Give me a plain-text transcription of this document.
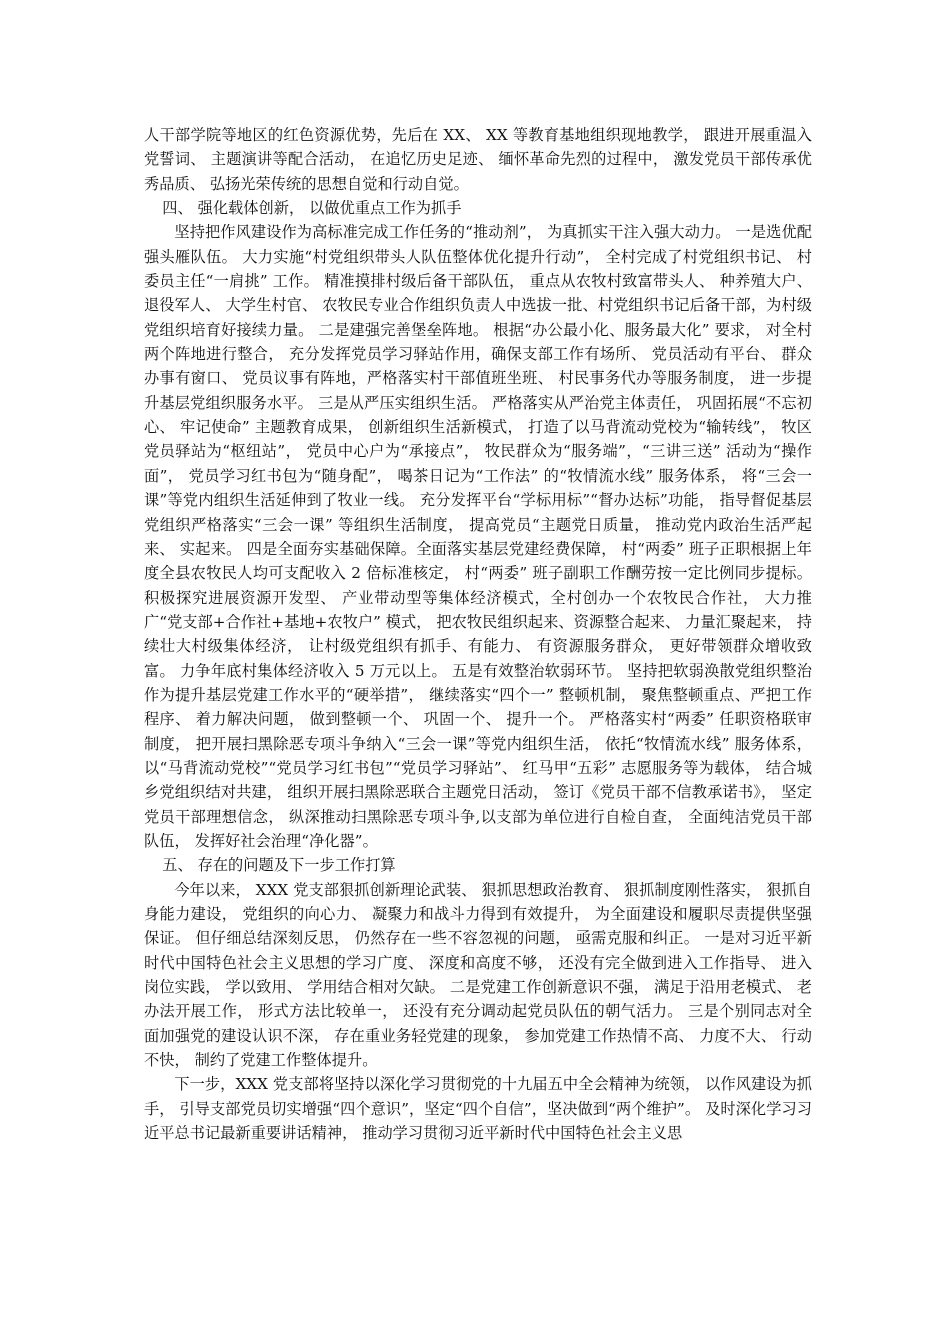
人干部学院等地区的红色资源优势，先后在 XX、 XX 等教育基地组织现地教学， 跟进开展重温入党誓词、 主题演讲等配合活动， 在追忆历史足迹、 缅怀革命先烈的过程中， 激发党员干部传承优秀品质、 弘扬光荣传统的思想自觉和行动自觉。

四、 强化载体创新， 以做优重点工作为抓手

坚持把作风建设作为高标准完成工作任务的“推动剂”， 为真抓实干注入强大动力。 一是选优配强头雁队伍。 大力实施“村党组织带头人队伍整体优化提升行动”， 全村完成了村党组织书记、 村委员主任“一肩挑” 工作。 精准摸排村级后备干部队伍， 重点从农牧村致富带头人、 种养殖大户、 退役军人、 大学生村官、 农牧民专业合作组织负责人中选拔一批、村党组织书记后备干部，为村级党组织培育好接续力量。 二是建强完善堡垒阵地。 根据“办公最小化、服务最大化” 要求， 对全村两个阵地进行整合， 充分发挥党员学习驿站作用，确保支部工作有场所、 党员活动有平台、 群众办事有窗口、 党员议事有阵地，严格落实村干部值班坐班、 村民事务代办等服务制度， 进一步提升基层党组织服务水平。 三是从严压实组织生活。 严格落实从严治党主体责任， 巩固拓展“不忘初心、 牢记使命” 主题教育成果， 创新组织生活新模式， 打造了以马背流动党校为“输转线”， 牧区党员驿站为“枢纽站”， 党员中心户为“承接点”， 牧民群众为“服务端”，“三讲三送” 活动为“操作面”， 党员学习红书包为“随身配”， 喝茶日记为“工作法” 的“牧情流水线” 服务体系， 将“三会一课”等党内组织生活延伸到了牧业一线。 充分发挥平台“学标用标”“督办达标”功能， 指导督促基层党组织严格落实“三会一课” 等组织生活制度， 提高党员“主题党日质量， 推动党内政治生活严起来、 实起来。 四是全面夯实基础保障。全面落实基层党建经费保障， 村“两委” 班子正职根据上年度全县农牧民人均可支配收入 2 倍标准核定， 村“两委” 班子副职工作酬劳按一定比例同步提标。积极探究进展资源开发型、 产业带动型等集体经济模式，全村创办一个农牧民合作社， 大力推广“党支部+合作社+基地+农牧户” 模式， 把农牧民组织起来、资源整合起来、 力量汇聚起来， 持续壮大村级集体经济， 让村级党组织有抓手、有能力、 有资源服务群众， 更好带领群众增收致富。 力争年底村集体经济收入 5 万元以上。 五是有效整治软弱环节。 坚持把软弱涣散党组织整治作为提升基层党建工作水平的“硬举措”， 继续落实“四个一” 整顿机制， 聚焦整顿重点、严把工作程序、 着力解决问题， 做到整顿一个、 巩固一个、 提升一个。 严格落实村“两委” 任职资格联审制度， 把开展扫黑除恶专项斗争纳入“三会一课”等党内组织生活， 依托“牧情流水线” 服务体系， 以“马背流动党校”“党员学习红书包”“党员学习驿站”、 红马甲“五彩” 志愿服务等为载体， 结合城乡党组织结对共建， 组织开展扫黑除恶联合主题党日活动， 签订《党员干部不信教承诺书》， 坚定党员干部理想信念， 纵深推动扫黑除恶专项斗争,以支部为单位进行自检自查， 全面纯洁党员干部队伍， 发挥好社会治理“净化器”。

五、 存在的问题及下一步工作打算

今年以来， XXX 党支部狠抓创新理论武装、 狠抓思想政治教育、 狠抓制度刚性落实， 狠抓自身能力建设， 党组织的向心力、 凝聚力和战斗力得到有效提升， 为全面建设和履职尽责提供坚强保证。 但仔细总结深刻反思， 仍然存在一些不容忽视的问题， 亟需克服和纠正。 一是对习近平新时代中国特色社会主义思想的学习广度、 深度和高度不够， 还没有完全做到进入工作指导、 进入岗位实践， 学以致用、 学用结合相对欠缺。 二是党建工作创新意识不强， 满足于沿用老模式、 老办法开展工作， 形式方法比较单一， 还没有充分调动起党员队伍的朝气活力。 三是个别同志对全面加强党的建设认识不深， 存在重业务轻党建的现象， 参加党建工作热情不高、 力度不大、 行动不快， 制约了党建工作整体提升。

下一步，XXX 党支部将坚持以深化学习贯彻党的十九届五中全会精神为统领， 以作风建设为抓手， 引导支部党员切实增强“四个意识”，坚定“四个自信”，坚决做到“两个维护”。 及时深化学习习近平总书记最新重要讲话精神， 推动学习贯彻习近平新时代中国特色社会主义思
